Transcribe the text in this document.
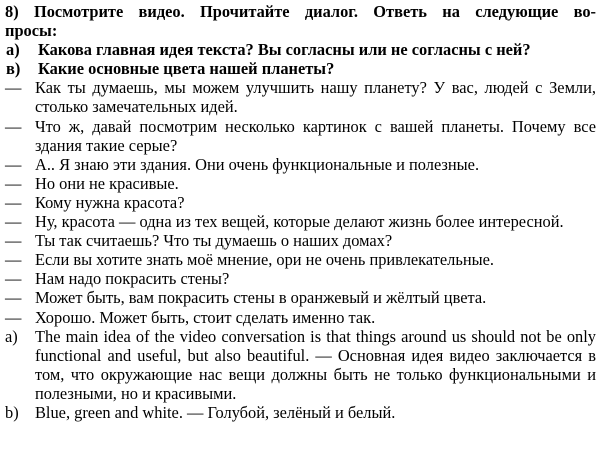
8) Посмотрите видео. Прочитайте диалог. Ответь на следующие во-
просы:
а)	Какова главная идея текста? Вы согласны или не согласны с ней?
в)	Какие основные цвета нашей планеты?
— Как ты думаешь, мы можем улучшить нашу планету? У вас, людей с Земли, столько замечательных идей.
— Что ж, давай посмотрим несколько картинок с вашей планеты. Почему все здания такие серые?
— А.. Я знаю эти здания. Они очень функциональные и полезные.
— Но они не красивые.
— Кому нужна красота?
— Ну, красота — одна из тех вещей, которые делают жизнь более интересной.
— Ты так считаешь? Что ты думаешь о наших домах?
— Если вы хотите знать моё мнение, ори не очень привлекательные.
— Нам надо покрасить стены?
— Может быть, вам покрасить стены в оранжевый и жёлтый цвета.
— Хорошо. Может быть, стоит сделать именно так.
a)	The main idea of the video conversation is that things around us should not be only functional and useful, but also beautiful. — Основная идея видео заключается в том, что окружающие нас вещи должны быть не только функциональными и полезными, но и красивыми.
b) Blue, green and white. — Голубой, зелёный и белый.
